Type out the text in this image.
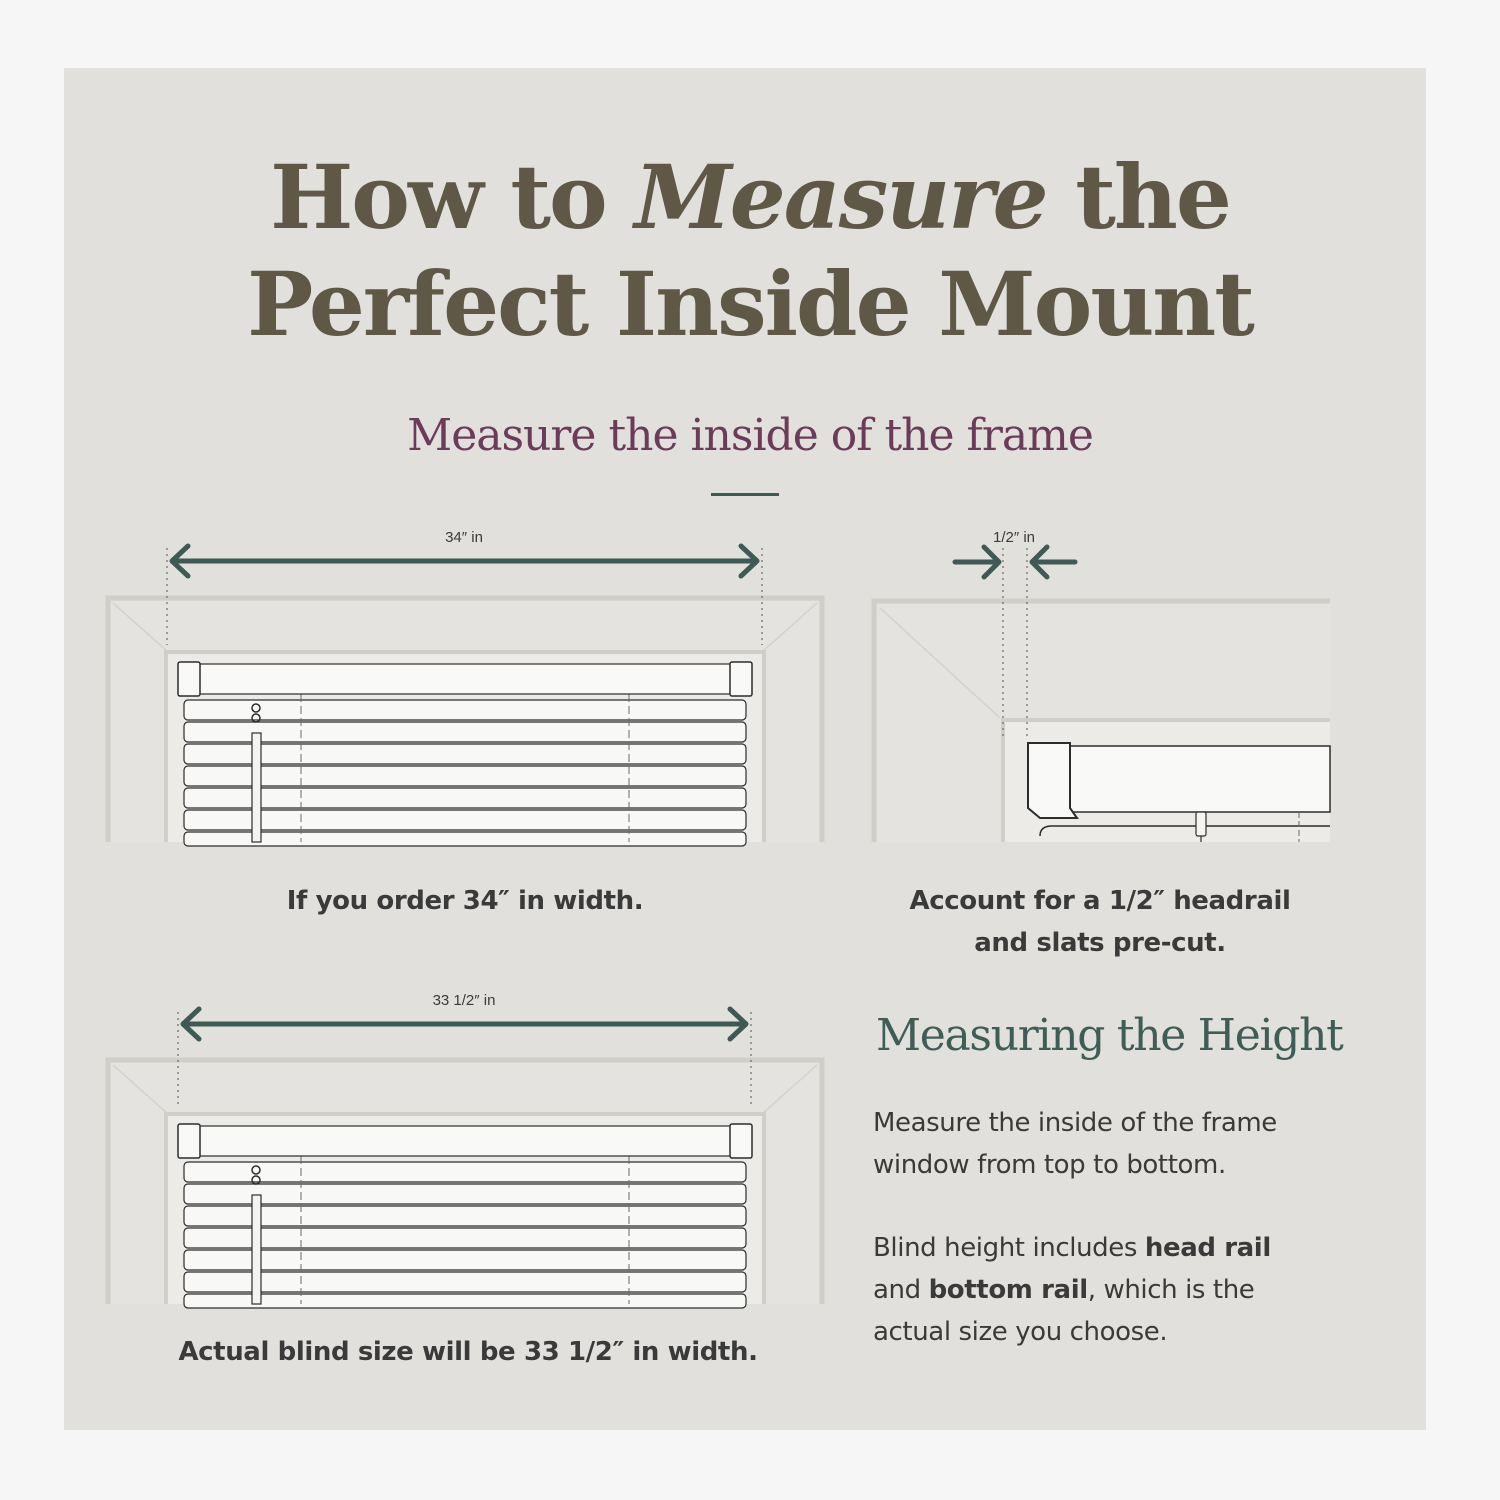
How to Measure the
Perfect Inside Mount
Measure the inside of the frame
34″ in
33 1/2″ in
1/2″ in
If you order 34″ in width.	Account for a 1/2″ headrail
and slats pre-cut.
Actual blind size will be 33 1/2″ in width.
Measuring the Height
Measure the inside of the frame
window from top to bottom.
Blind height includes head rail
and bottom rail, which is the
actual size you choose.
